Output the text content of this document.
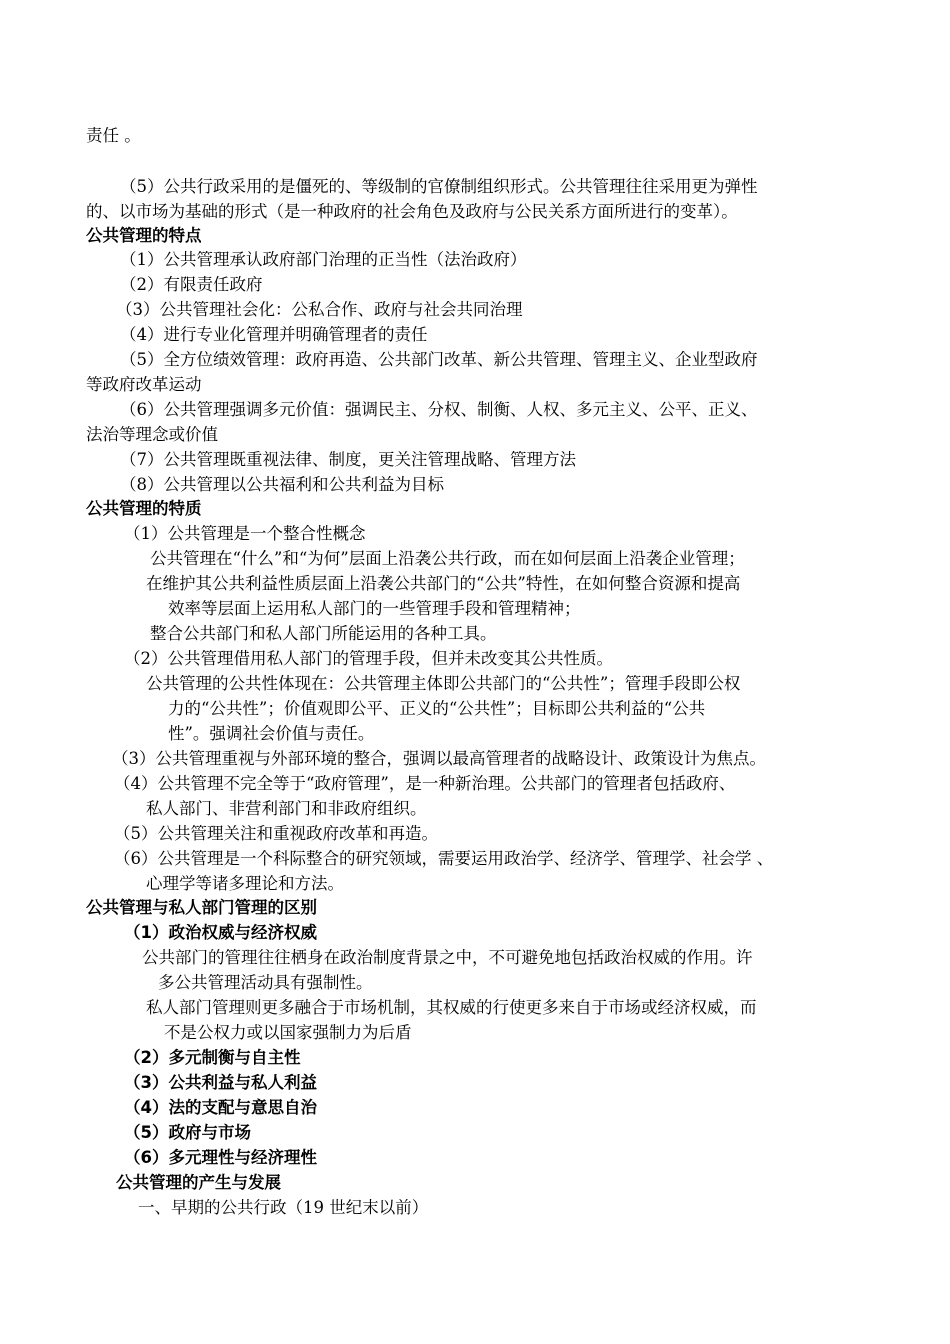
责任 。
（5）公共行政采用的是僵死的、等级制的官僚制组织形式。公共管理往往采用更为弹性
的、以市场为基础的形式（是一种政府的社会角色及政府与公民关系方面所进行的变革）。
公共管理的特点
（1）公共管理承认政府部门治理的正当性（法治政府）
（2）有限责任政府
（3）公共管理社会化：公私合作、政府与社会共同治理
（4）进行专业化管理并明确管理者的责任
（5）全方位绩效管理：政府再造、公共部门改革、新公共管理、管理主义、企业型政府
等政府改革运动
（6）公共管理强调多元价值：强调民主、分权、制衡、人权、多元主义、公平、正义、
法治等理念或价值
（7）公共管理既重视法律、制度，更关注管理战略、管理方法
（8）公共管理以公共福利和公共利益为目标
公共管理的特质
（1）公共管理是一个整合性概念
公共管理在“什么”和“为何”层面上沿袭公共行政，而在如何层面上沿袭企业管理；
在维护其公共利益性质层面上沿袭公共部门的“公共”特性，在如何整合资源和提高
效率等层面上运用私人部门的一些管理手段和管理精神；
整合公共部门和私人部门所能运用的各种工具。
（2）公共管理借用私人部门的管理手段，但并未改变其公共性质。
公共管理的公共性体现在：公共管理主体即公共部门的“公共性”；管理手段即公权
力的“公共性”；价值观即公平、正义的“公共性”；目标即公共利益的“公共
性”。强调社会价值与责任。
（3）公共管理重视与外部环境的整合，强调以最高管理者的战略设计、政策设计为焦点。
（4）公共管理不完全等于“政府管理”，是一种新治理。公共部门的管理者包括政府、
私人部门、非营利部门和非政府组织。
（5）公共管理关注和重视政府改革和再造。
（6）公共管理是一个科际整合的研究领域，需要运用政治学、经济学、管理学、社会学 、
心理学等诸多理论和方法。
公共管理与私人部门管理的区别
（1）政治权威与经济权威
公共部门的管理往往栖身在政治制度背景之中，不可避免地包括政治权威的作用。许
多公共管理活动具有强制性。
私人部门管理则更多融合于市场机制，其权威的行使更多来自于市场或经济权威，而
不是公权力或以国家强制力为后盾
（2）多元制衡与自主性
（3）公共利益与私人利益
（4）法的支配与意思自治
（5）政府与市场
（6）多元理性与经济理性
公共管理的产生与发展
一、早期的公共行政（19 世纪末以前）
